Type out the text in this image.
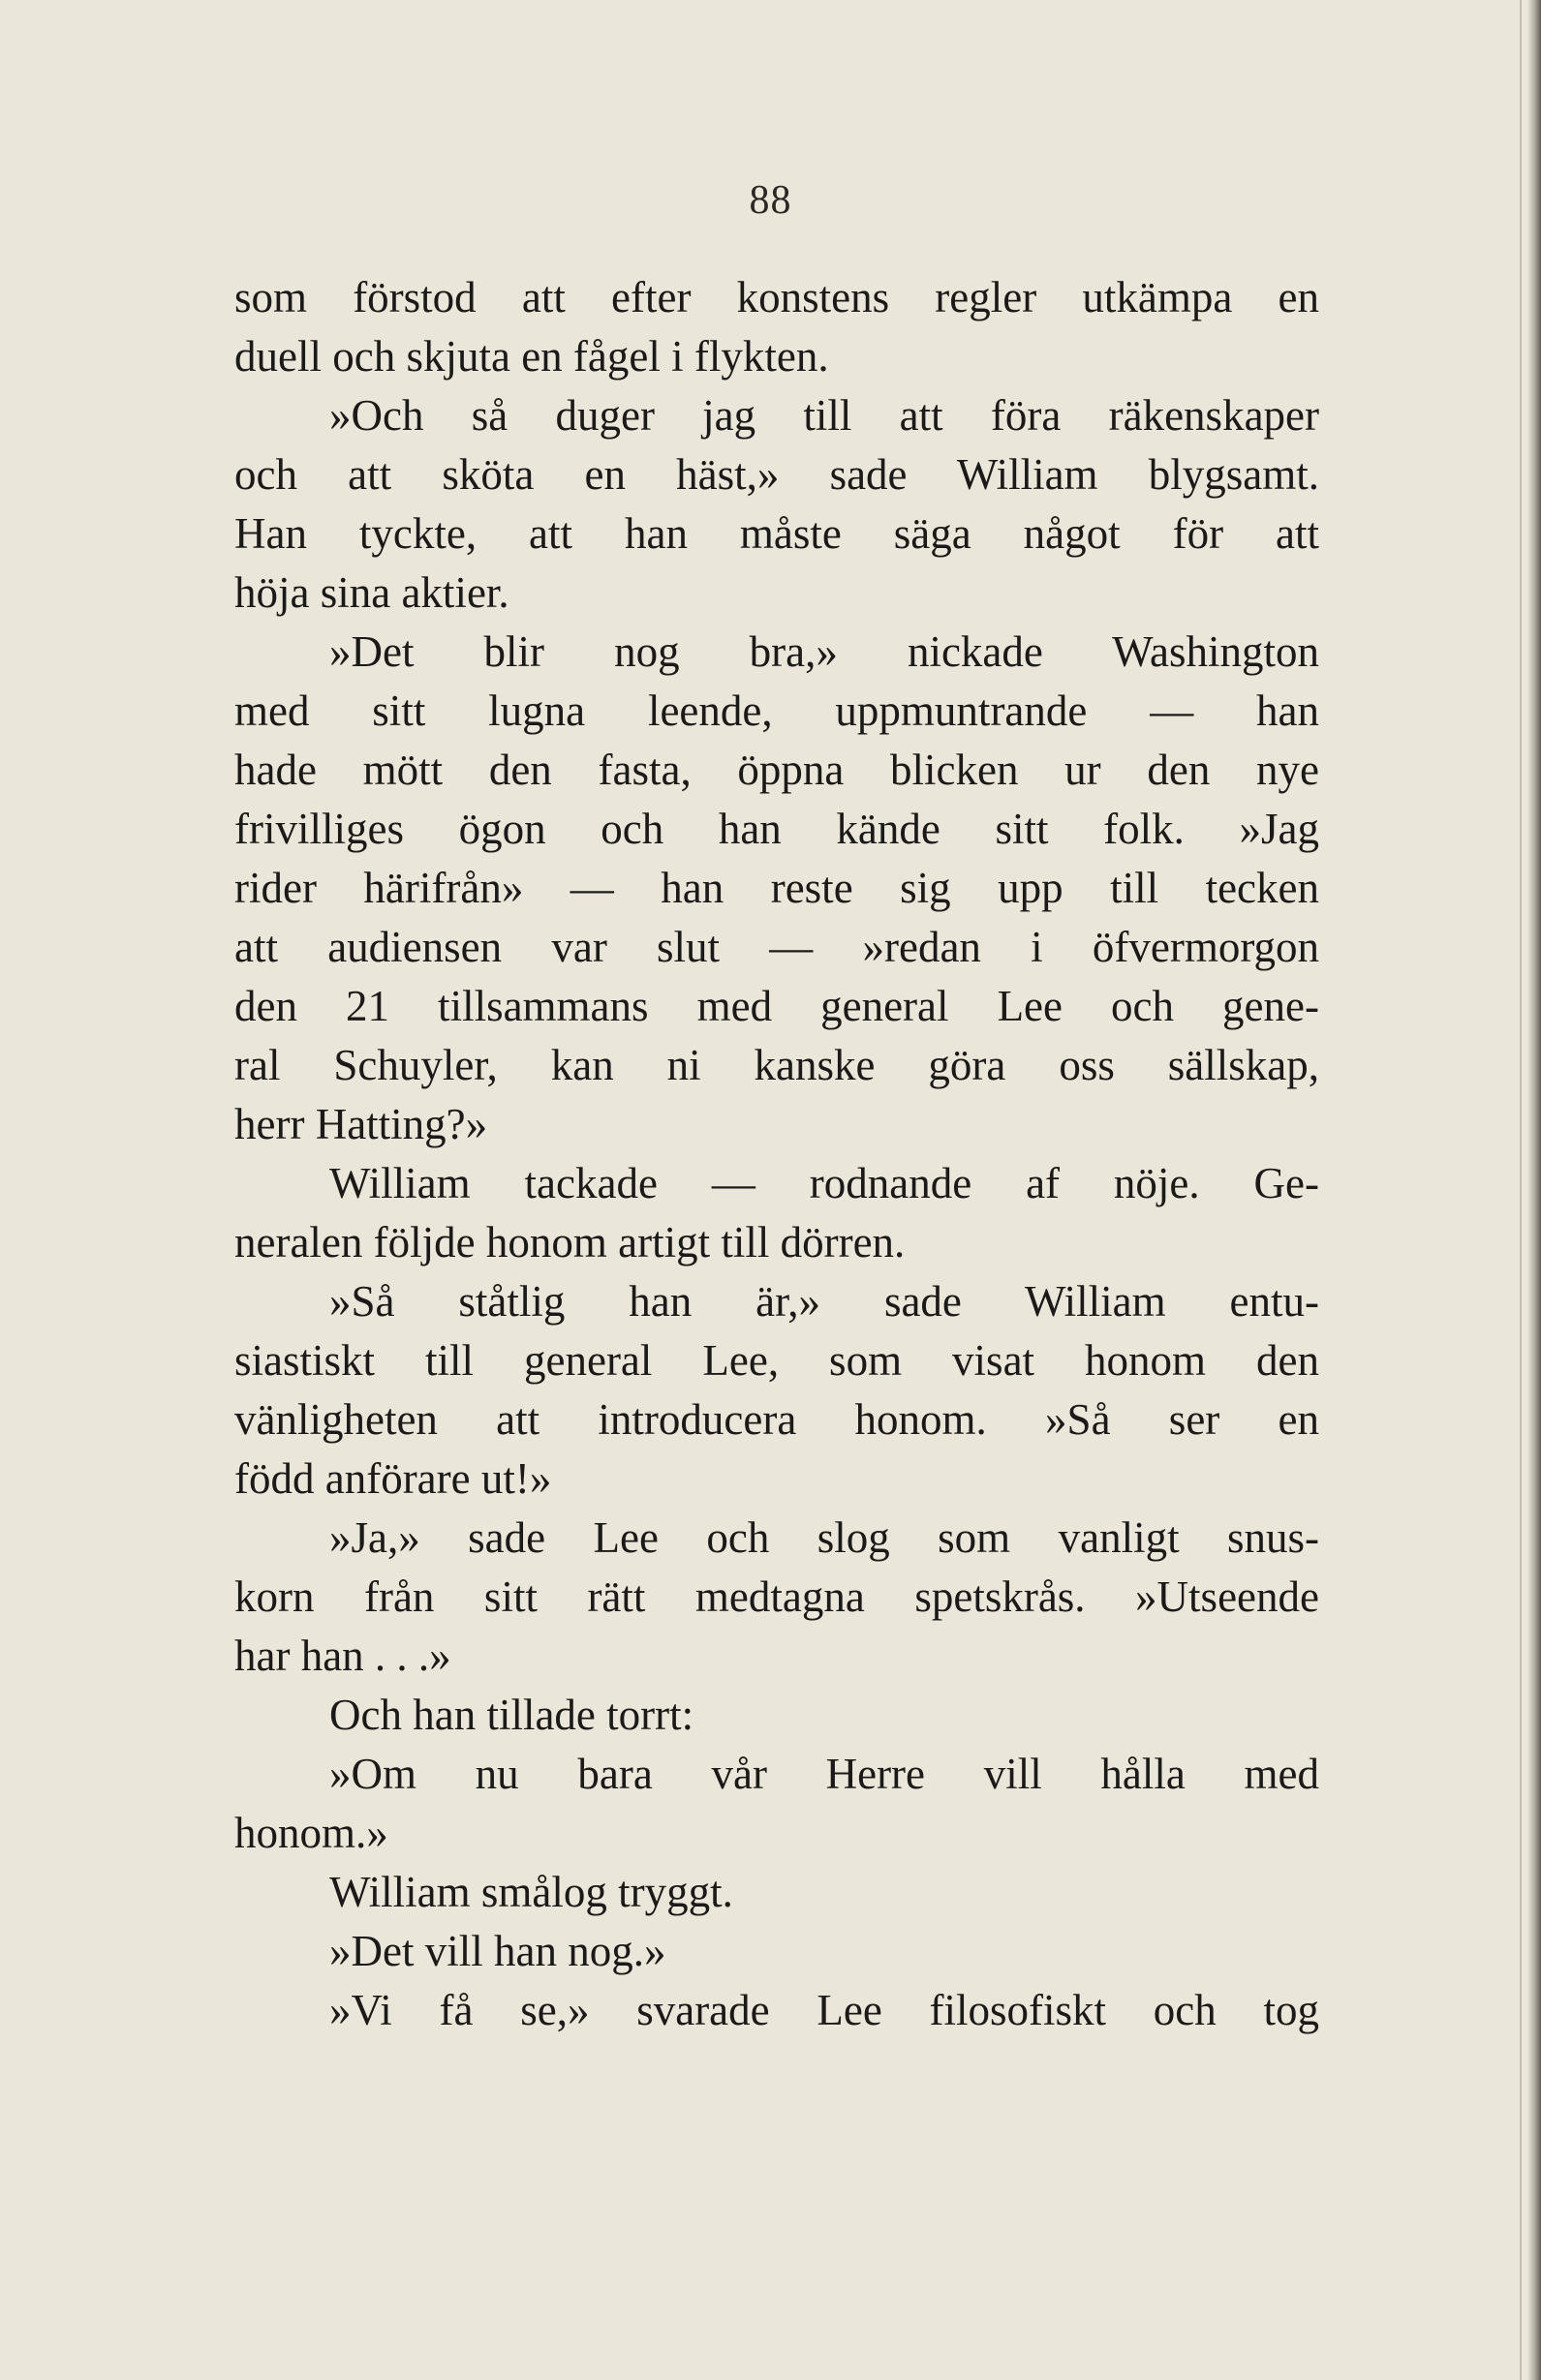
88
som förstod att efter konstens regler utkämpa en
duell och skjuta en fågel i flykten.
»Och så duger jag till att föra räkenskaper
och att sköta en häst,» sade William blygsamt.
Han tyckte, att han måste säga något för att
höja sina aktier.
»Det blir nog bra,» nickade Washington
med sitt lugna leende, uppmuntrande — han
hade mött den fasta, öppna blicken ur den nye
frivilliges ögon och han kände sitt folk. »Jag
rider härifrån» — han reste sig upp till tecken
att audiensen var slut — »redan i öfvermorgon
den 21 tillsammans med general Lee och gene-
ral Schuyler, kan ni kanske göra oss sällskap,
herr Hatting?»
William tackade — rodnande af nöje. Ge-
neralen följde honom artigt till dörren.
»Så ståtlig han är,» sade William entu-
siastiskt till general Lee, som visat honom den
vänligheten att introducera honom. »Så ser en
född anförare ut!»
»Ja,» sade Lee och slog som vanligt snus-
korn från sitt rätt medtagna spetskrås. »Utseende
har han . . .»
Och han tillade torrt:
»Om nu bara vår Herre vill hålla med
honom.»
William smålog tryggt.
»Det vill han nog.»
»Vi få se,» svarade Lee filosofiskt och tog
